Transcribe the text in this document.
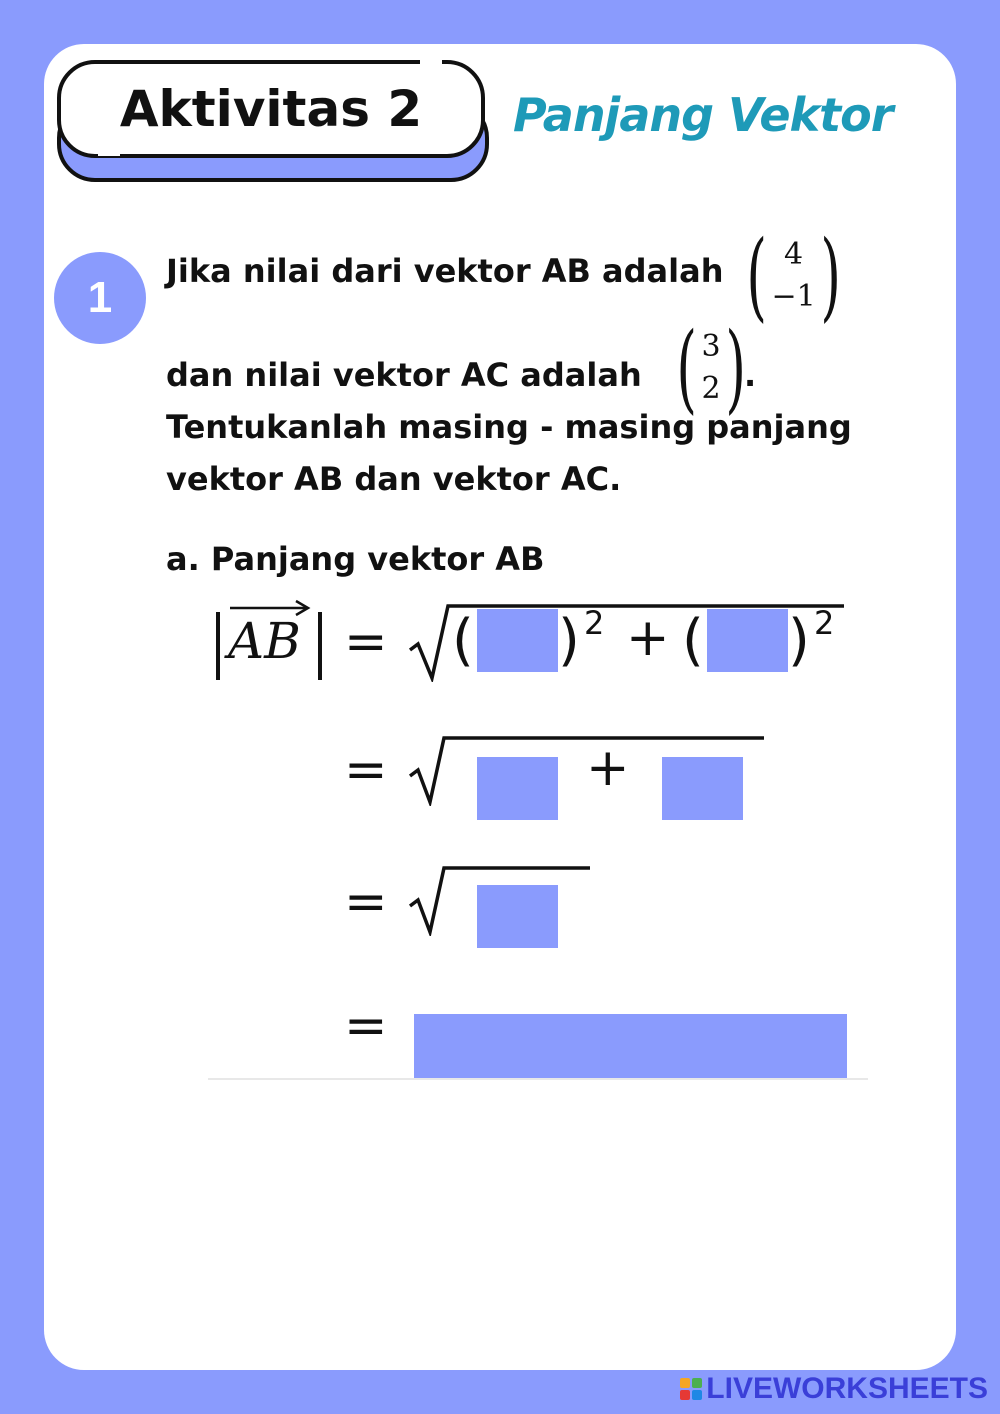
Aktivitas 2 Panjang Vektor
1
Jika nilai dari vektor AB adalah ( 4
−1 )
dan nilai vektor AC adalah ( 3
2 )
.
Tentukanlah masing - masing panjang
vektor AB dan vektor AC.
a. Panjang vektor AB
AB = ( ) 2 + ( ) 2
=	+
=
=
LIVEWORKSHEETS
